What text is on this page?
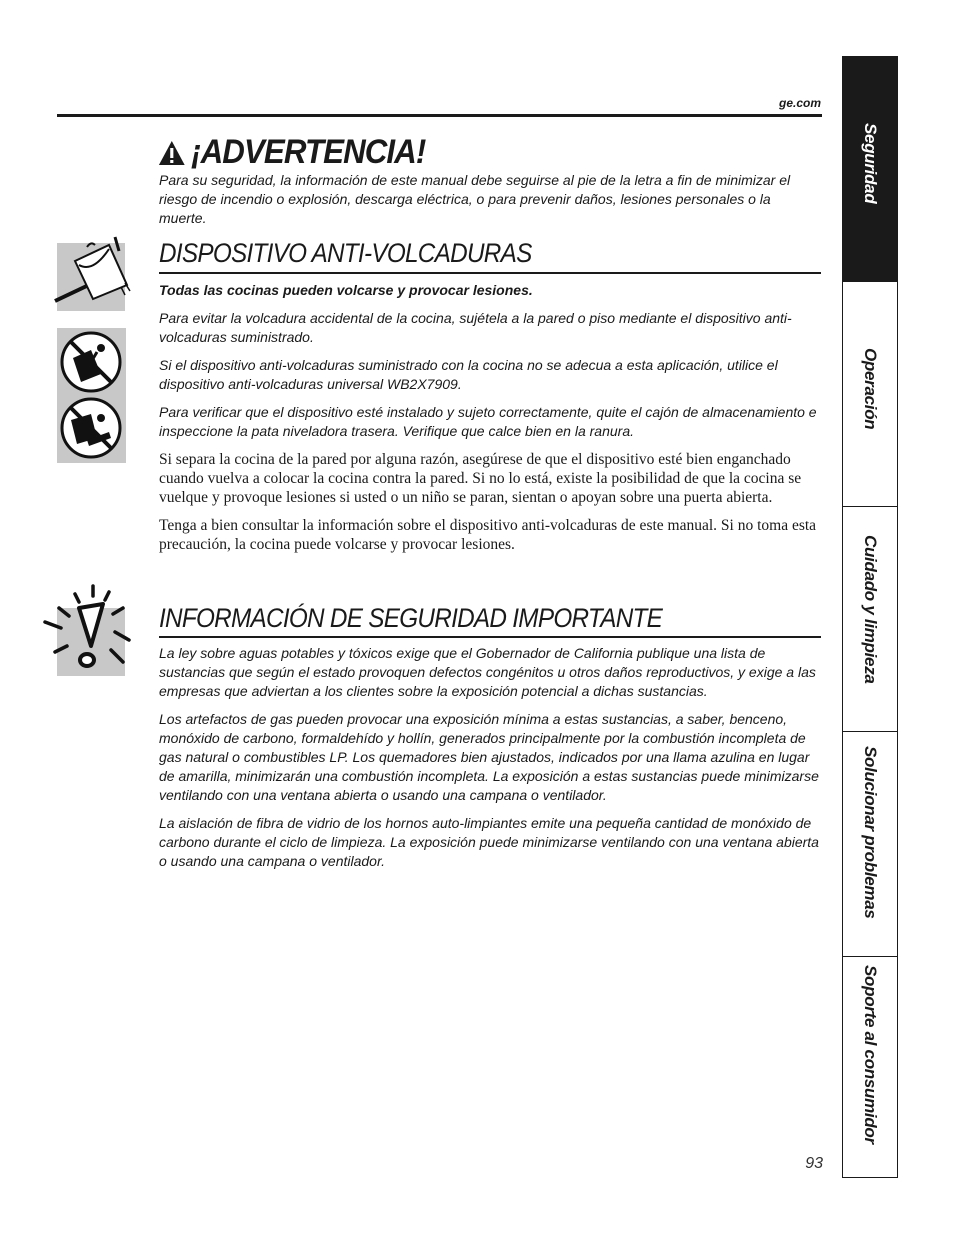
ge.com
¡ADVERTENCIA!

Para su seguridad, la información de este manual debe seguirse al pie de la letra a fin de minimizar el riesgo de incendio o explosión, descarga eléctrica, o para prevenir daños, lesiones personales o la muerte.

DISPOSITIVO ANTI-VOLCADURAS

Todas las cocinas pueden volcarse y provocar lesiones.

Para evitar la volcadura accidental de la cocina, sujétela a la pared o piso mediante el dispositivo anti-volcaduras suministrado.

Si el dispositivo anti-volcaduras suministrado con la cocina no se adecua a esta aplicación, utilice el dispositivo anti-volcaduras universal WB2X7909.

Para verificar que el dispositivo esté instalado y sujeto correctamente, quite el cajón de almacenamiento e inspeccione la pata niveladora trasera. Verifique que calce bien en la ranura.

Si separa la cocina de la pared por alguna razón, asegúrese de que el dispositivo esté bien enganchado cuando vuelva a colocar la cocina contra la pared. Si no lo está, existe la posibilidad de que la cocina se vuelque y provoque lesiones si usted o un niño se paran, sientan o apoyan sobre una puerta abierta.

Tenga a bien consultar la información sobre el dispositivo anti-volcaduras de este manual. Si no toma esta precaución, la cocina puede volcarse y provocar lesiones.

INFORMACIÓN DE SEGURIDAD IMPORTANTE

La ley sobre aguas potables y tóxicos exige que el Gobernador de California publique una lista de sustancias que según el estado provoquen defectos congénitos u otros daños reproductivos, y exige a las empresas que adviertan a los clientes sobre la exposición potencial a dichas sustancias.

Los artefactos de gas pueden provocar una exposición mínima a estas sustancias, a saber, benceno, monóxido de carbono, formaldehído y hollín, generados principalmente por la combustión incompleta de gas natural o combustibles LP. Los quemadores bien ajustados, indicados por una llama azulina en lugar de amarilla, minimizarán una combustión incompleta. La exposición a estas sustancias puede minimizarse ventilando con una ventana abierta o usando una campana o ventilador.

La aislación de fibra de vidrio de los hornos auto-limpiantes emite una pequeña cantidad de monóxido de carbono durante el ciclo de limpieza. La exposición puede minimizarse ventilando con una ventana abierta o usando una campana o ventilador.

93
Seguridad
Operación
Cuidado y limpieza
Solucionar problemas
Soporte al consumidor
